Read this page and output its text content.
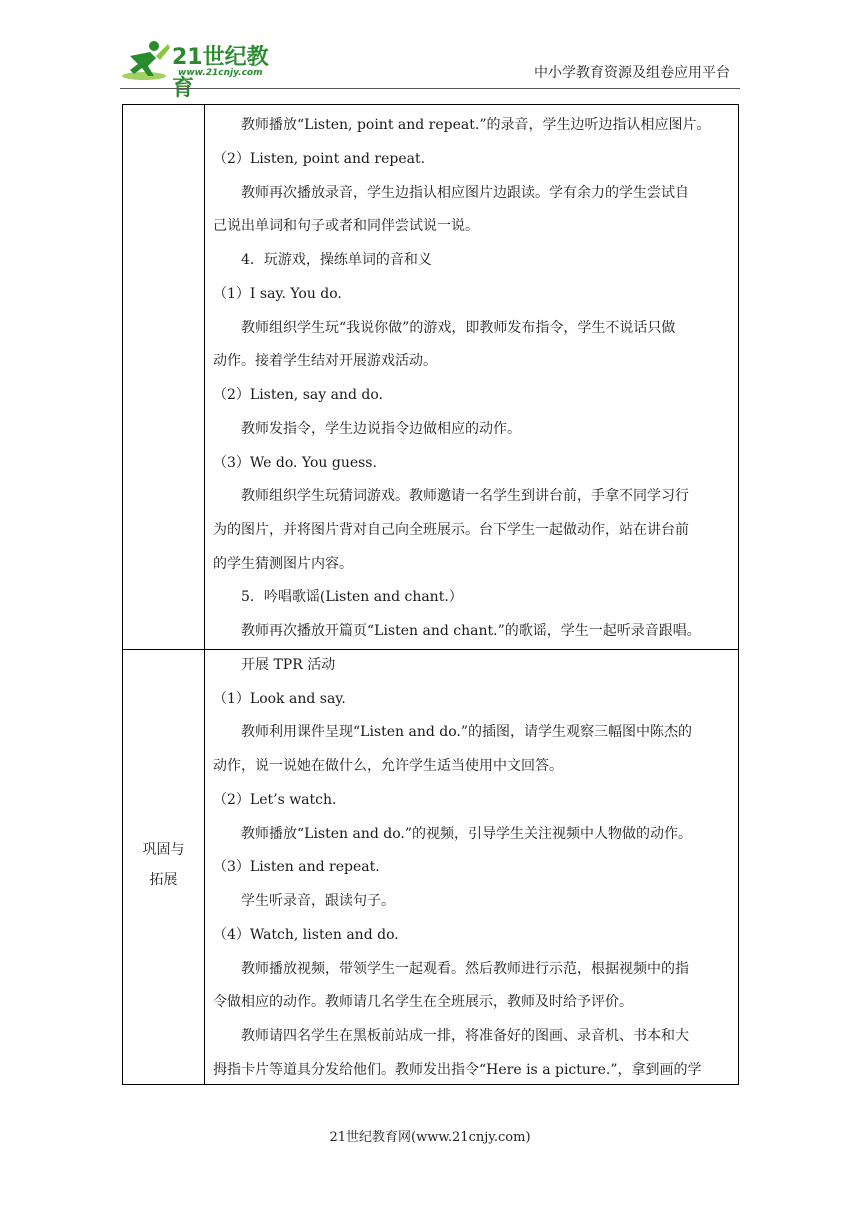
21世纪教育
www.21cnjy.com	中小学教育资源及组卷应用平台
教师播放“Listen, point and repeat.”的录音，学生边听边指认相应图片。
（2）Listen, point and repeat.
教师再次播放录音，学生边指认相应图片边跟读。学有余力的学生尝试自
己说出单词和句子或者和同伴尝试说一说。
4．玩游戏，操练单词的音和义
（1）I say. You do.
教师组织学生玩“我说你做”的游戏，即教师发布指令，学生不说话只做
动作。接着学生结对开展游戏活动。
（2）Listen, say and do.
教师发指令，学生边说指令边做相应的动作。
（3）We do. You guess.
教师组织学生玩猜词游戏。教师邀请一名学生到讲台前，手拿不同学习行
为的图片，并将图片背对自己向全班展示。台下学生一起做动作，站在讲台前
的学生猜测图片内容。
5．吟唱歌谣(Listen and chant.）
教师再次播放开篇页“Listen and chant.”的歌谣，学生一起听录音跟唱。
巩固与
拓展
开展 TPR 活动
（1）Look and say.
教师利用课件呈现“Listen and do.”的插图，请学生观察三幅图中陈杰的
动作，说一说她在做什么，允许学生适当使用中文回答。
（2）Let’s watch.
教师播放“Listen and do.”的视频，引导学生关注视频中人物做的动作。
（3）Listen and repeat.
学生听录音，跟读句子。
（4）Watch, listen and do.
教师播放视频，带领学生一起观看。然后教师进行示范，根据视频中的指
令做相应的动作。教师请几名学生在全班展示，教师及时给予评价。
教师请四名学生在黑板前站成一排，将准备好的图画、录音机、书本和大
拇指卡片等道具分发给他们。教师发出指令“Here is a picture.”，拿到画的学
21世纪教育网(www.21cnjy.com)
